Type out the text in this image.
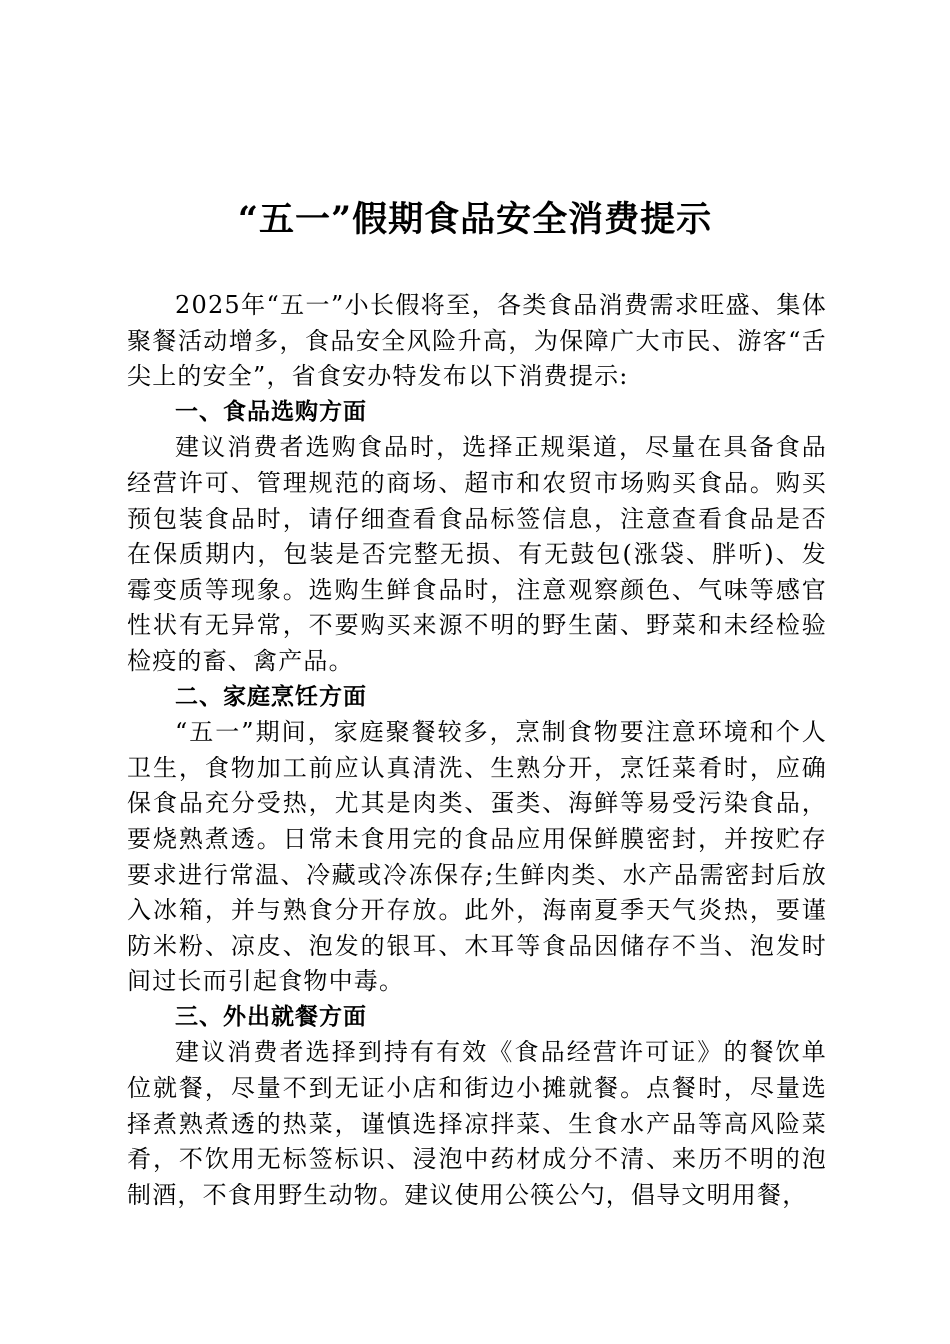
“五一”假期食品安全消费提示

2025年“五一”小长假将至，各类食品消费需求旺盛、集体聚餐活动增多，食品安全风险升高，为保障广大市民、游客“舌尖上的安全”，省食安办特发布以下消费提示:

一、食品选购方面

建议消费者选购食品时，选择正规渠道，尽量在具备食品经营许可、管理规范的商场、超市和农贸市场购买食品。购买预包装食品时，请仔细查看食品标签信息，注意查看食品是否在保质期内，包装是否完整无损、有无鼓包(涨袋、胖听)、发霉变质等现象。选购生鲜食品时，注意观察颜色、气味等感官性状有无异常，不要购买来源不明的野生菌、野菜和未经检验检疫的畜、禽产品。

二、家庭烹饪方面

“五一”期间，家庭聚餐较多，烹制食物要注意环境和个人卫生，食物加工前应认真清洗、生熟分开，烹饪菜肴时，应确保食品充分受热，尤其是肉类、蛋类、海鲜等易受污染食品，要烧熟煮透。日常未食用完的食品应用保鲜膜密封，并按贮存要求进行常温、冷藏或冷冻保存;生鲜肉类、水产品需密封后放入冰箱，并与熟食分开存放。此外，海南夏季天气炎热，要谨防米粉、凉皮、泡发的银耳、木耳等食品因储存不当、泡发时间过长而引起食物中毒。

三、外出就餐方面

建议消费者选择到持有有效《食品经营许可证》的餐饮单位就餐，尽量不到无证小店和街边小摊就餐。点餐时，尽量选择煮熟煮透的热菜，谨慎选择凉拌菜、生食水产品等高风险菜肴，不饮用无标签标识、浸泡中药材成分不清、来历不明的泡制酒，不食用野生动物。建议使用公筷公勺，倡导文明用餐，
